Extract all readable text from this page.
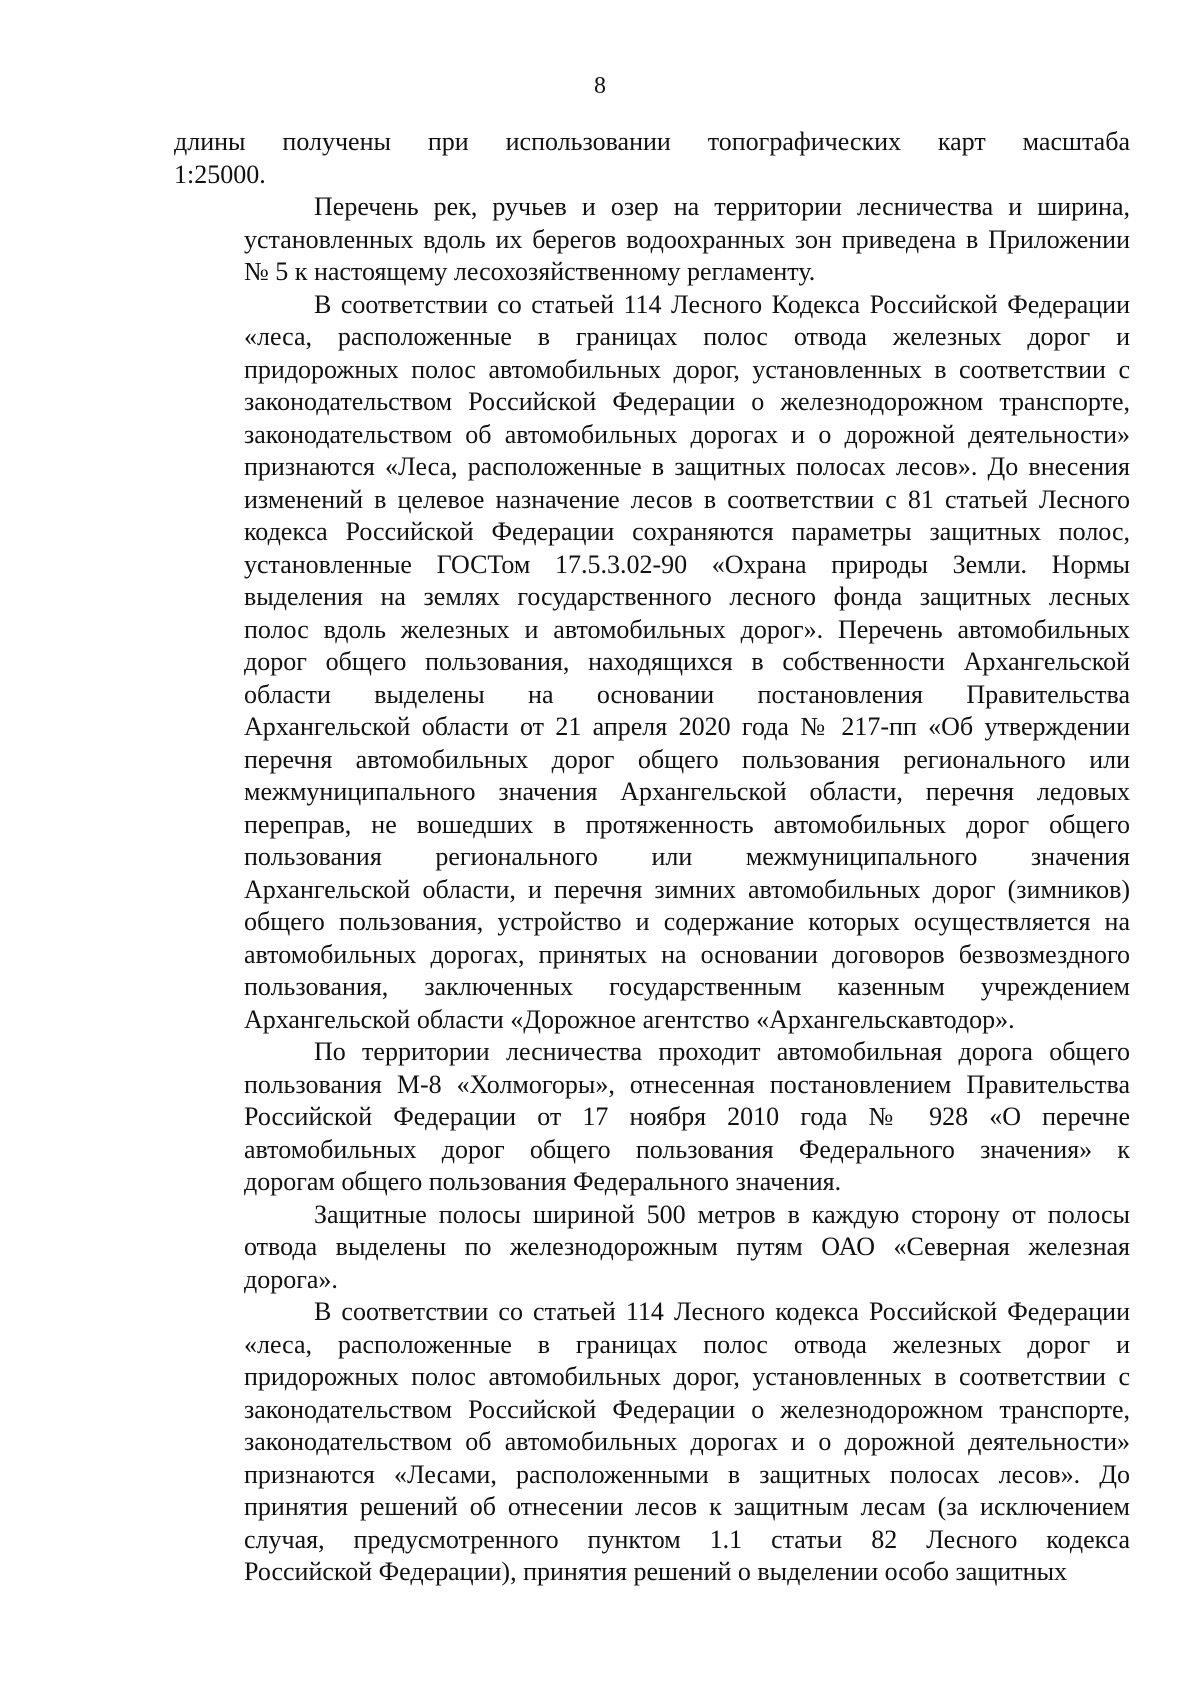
8
длины получены при использовании топографических карт масштаба
1:25000.
Перечень рек, ручьев и озер на территории лесничества и ширина,
установленных вдоль их берегов водоохранных зон приведена в Приложении
№ 5 к настоящему лесохозяйственному регламенту.
В соответствии со статьей 114 Лесного Кодекса Российской Федерации
«леса, расположенные в границах полос отвода железных дорог и
придорожных полос автомобильных дорог, установленных в соответствии с
законодательством Российской Федерации о железнодорожном транспорте,
законодательством об автомобильных дорогах и о дорожной деятельности»
признаются «Леса, расположенные в защитных полосах лесов». До внесения
изменений в целевое назначение лесов в соответствии с 81 статьей Лесного
кодекса Российской Федерации сохраняются параметры защитных полос,
установленные ГОСТом 17.5.3.02-90 «Охрана природы Земли. Нормы
выделения на землях государственного лесного фонда защитных лесных
полос вдоль железных и автомобильных дорог». Перечень автомобильных
дорог общего пользования, находящихся в собственности Архангельской
области выделены на основании постановления Правительства
Архангельской области от 21 апреля 2020 года № 217-пп «Об утверждении
перечня автомобильных дорог общего пользования регионального или
межмуниципального значения Архангельской области, перечня ледовых
переправ, не вошедших в протяженность автомобильных дорог общего
пользования регионального или межмуниципального значения
Архангельской области, и перечня зимних автомобильных дорог (зимников)
общего пользования, устройство и содержание которых осуществляется на
автомобильных дорогах, принятых на основании договоров безвозмездного
пользования, заключенных государственным казенным учреждением
Архангельской области «Дорожное агентство «Архангельскавтодор».
По территории лесничества проходит автомобильная дорога общего
пользования М-8 «Холмогоры», отнесенная постановлением Правительства
Российской Федерации от 17 ноября 2010 года № 928 «О перечне
автомобильных дорог общего пользования Федерального значения» к
дорогам общего пользования Федерального значения.
Защитные полосы шириной 500 метров в каждую сторону от полосы
отвода выделены по железнодорожным путям ОАО «Северная железная
дорога».
В соответствии со статьей 114 Лесного кодекса Российской Федерации
«леса, расположенные в границах полос отвода железных дорог и
придорожных полос автомобильных дорог, установленных в соответствии с
законодательством Российской Федерации о железнодорожном транспорте,
законодательством об автомобильных дорогах и о дорожной деятельности»
признаются «Лесами, расположенными в защитных полосах лесов». До
принятия решений об отнесении лесов к защитным лесам (за исключением
случая, предусмотренного пунктом 1.1 статьи 82 Лесного кодекса
Российской Федерации), принятия решений о выделении особо защитных
